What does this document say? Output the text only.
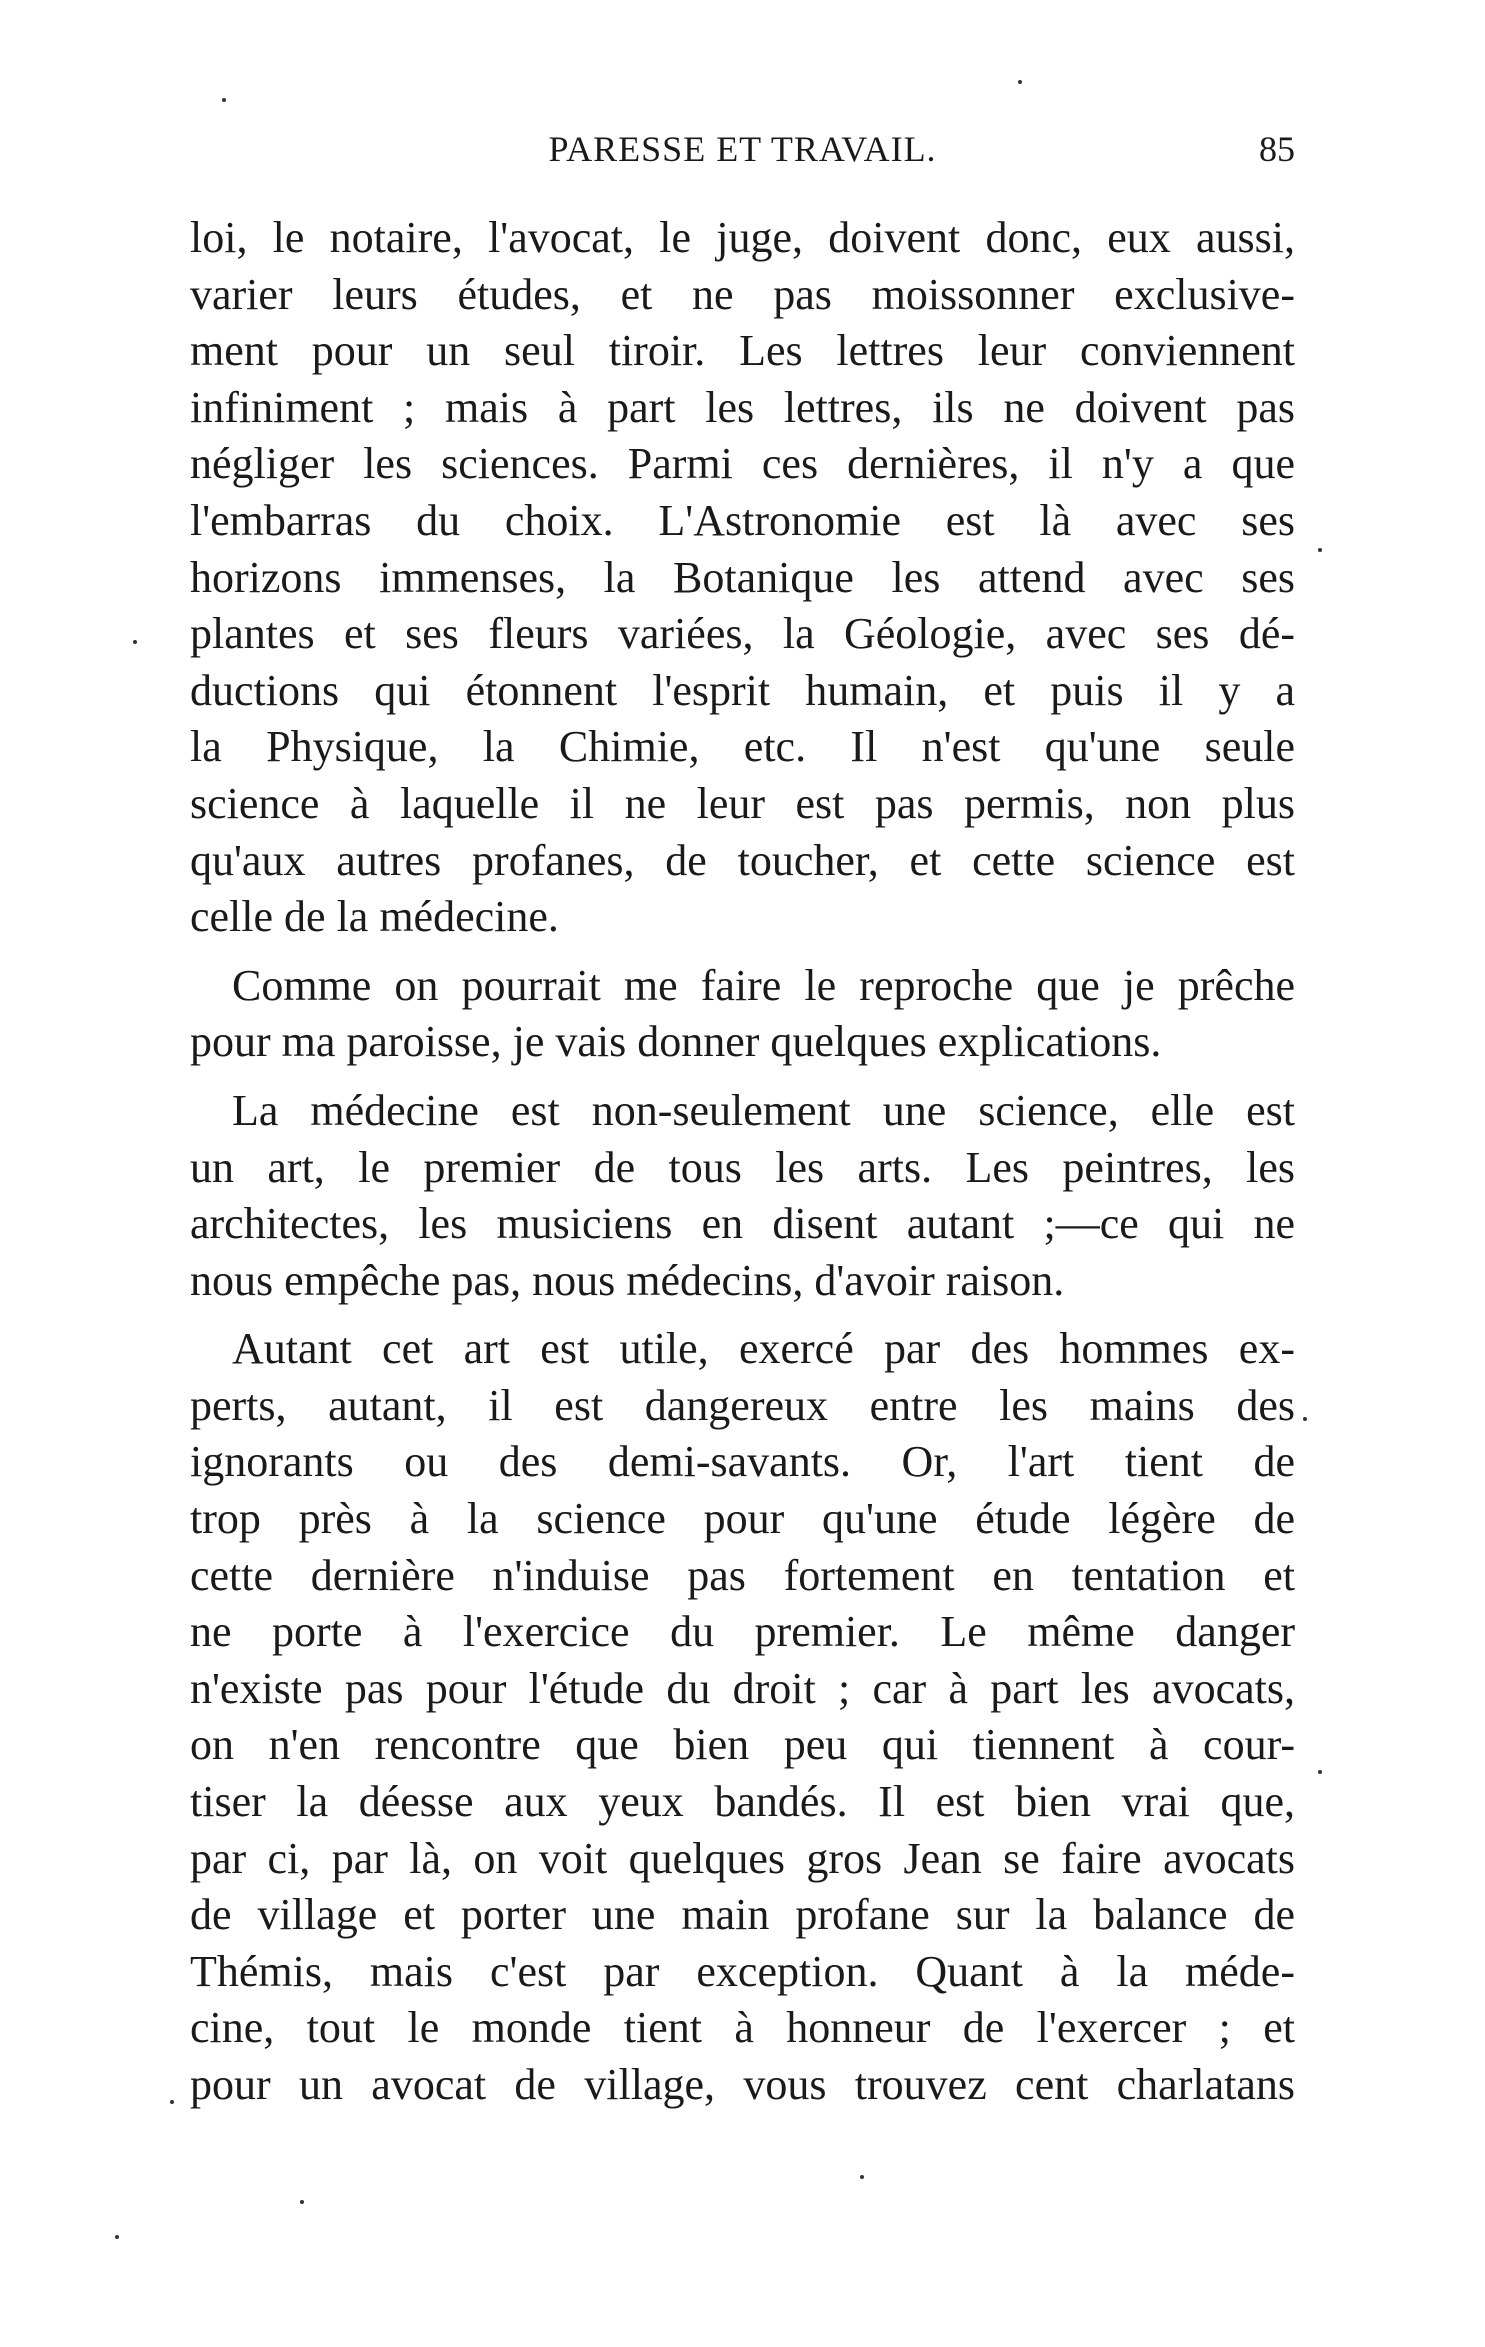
PARESSE ET TRAVAIL.	85
loi, le notaire, l'avocat, le juge, doivent donc, eux aussi,
varier leurs études, et ne pas moissonner exclusive-
ment pour un seul tiroir. Les lettres leur conviennent
infiniment ; mais à part les lettres, ils ne doivent pas
négliger les sciences. Parmi ces dernières, il n'y a que
l'embarras du choix. L'Astronomie est là avec ses
horizons immenses, la Botanique les attend avec ses
plantes et ses fleurs variées, la Géologie, avec ses dé-
ductions qui étonnent l'esprit humain, et puis il y a
la Physique, la Chimie, etc. Il n'est qu'une seule
science à laquelle il ne leur est pas permis, non plus
qu'aux autres profanes, de toucher, et cette science est
celle de la médecine.
Comme on pourrait me faire le reproche que je prêche
pour ma paroisse, je vais donner quelques explications.
La médecine est non-seulement une science, elle est
un art, le premier de tous les arts. Les peintres, les
architectes, les musiciens en disent autant ;—ce qui ne
nous empêche pas, nous médecins, d'avoir raison.
Autant cet art est utile, exercé par des hommes ex-
perts, autant, il est dangereux entre les mains des
ignorants ou des demi-savants. Or, l'art tient de
trop près à la science pour qu'une étude légère de
cette dernière n'induise pas fortement en tentation et
ne porte à l'exercice du premier. Le même danger
n'existe pas pour l'étude du droit ; car à part les avocats,
on n'en rencontre que bien peu qui tiennent à cour-
tiser la déesse aux yeux bandés. Il est bien vrai que,
par ci, par là, on voit quelques gros Jean se faire avocats
de village et porter une main profane sur la balance de
Thémis, mais c'est par exception. Quant à la méde-
cine, tout le monde tient à honneur de l'exercer ; et
pour un avocat de village, vous trouvez cent charlatans
